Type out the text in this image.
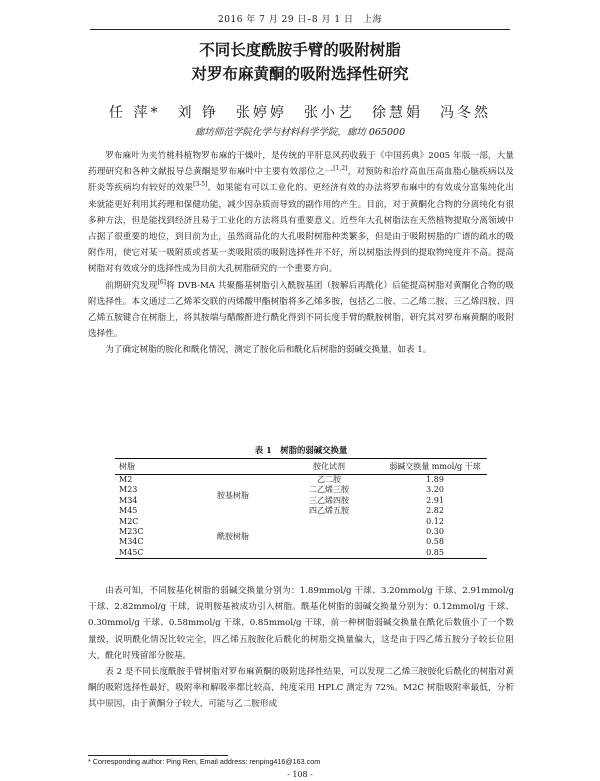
2016 年 7 月 29 日–8 月 1 日　上海
不同长度酰胺手臂的吸附树脂
对罗布麻黄酮的吸附选择性研究
任 萍*　刘 铮　张婷婷　张小艺　徐慧娟　冯冬然
廊坊师范学院化学与材料科学学院，廊坊 065000

罗布麻叶为夹竹桃科植物罗布麻的干燥叶，是传统的平肝息风药收载于《中国药典》2005 年版一部，大量药理研究和各种文献报导总黄酮是罗布麻叶中主要有效部位之一[1,2]，对预防和治疗高血压高血脂心脑疾病以及肝炎等疾病均有较好的效果[3-5]。如果能有可以工业化的、更经济有效的办法将罗布麻中的有效成分富集纯化出来就能更好利用其药理和保健功能，减少因杂质而导致的副作用的产生。目前，对于黄酮化合物的分离纯化有很多种方法，但是能找到经济且易于工业化的方法将具有重要意义。近些年大孔树脂法在天然植物提取分离领域中占据了很重要的地位，到目前为止，虽然商品化的大孔吸附树脂种类繁多，但是由于吸附树脂的广谱的疏水的吸附作用，使它对某一吸附质或者某一类吸附质的吸附选择性并不好，所以树脂法得到的提取物纯度并不高。提高树脂对有效成分的选择性成为目前大孔树脂研究的一个重要方向。

前期研究发现[6]将 DVB-MA 共聚酯基树脂引入酰胺基团（胺解后再酰化）后能提高树脂对黄酮化合物的吸附选择性。本文通过二乙烯苯交联的丙烯酸甲酯树脂将多乙烯多胺，包括乙二胺、二乙烯二胺、三乙烯四胺、四乙烯五胺键合在树脂上，将其胺端与醋酸酐进行酰化得到不同长度手臂的酰胺树脂，研究其对罗布麻黄酮的吸附选择性。

为了确定树脂的胺化和酰化情况，测定了胺化后和酰化后树脂的弱碱交换量，如表 1。

表 1　树脂的弱碱交换量
树脂		胺化试剂	弱碱交换量 mmol/g 干球
M2	胺基树脂	乙二胺	1.89
M23		二乙烯三胺	3.20
M34		三乙烯四胺	2.91
M45		四乙烯五胺	2.82
M2C	酰胺树脂		0.12
M23C			0.30
M34C			0.58
M45C			0.85

由表可知，不同胺基化树脂的弱碱交换量分别为：1.89mmol/g 干球、3.20mmol/g 干球、2.91mmol/g 干球、2.82mmol/g 干球，说明胺基被成功引入树脂。酰基化树脂的弱碱交换量分别为：0.12mmol/g 干球、0.30mmol/g 干球、0.58mmol/g 干球、0.85mmol/g 干球，前一种树脂弱碱交换量在酰化后数值小了一个数量级，说明酰化情况比较完全，四乙烯五胺胺化后酰化的树脂交换量偏大，这是由于四乙烯五胺分子较长位阻大，酰化时残留部分胺基。

表 2 是不同长度酰胺手臂树脂对罗布麻黄酮的吸附选择性结果，可以发现二乙烯三胺胺化后酰化的树脂对黄酮的吸附选择性最好，吸附率和解吸率都比较高，纯度采用 HPLC 测定为 72%。M2C 树脂吸附率最低，分析其中原因，由于黄酮分子较大，可能与乙二胺形成

* Corresponding author: Ping Ren, Email address: renping416@163.com
- 108 -
